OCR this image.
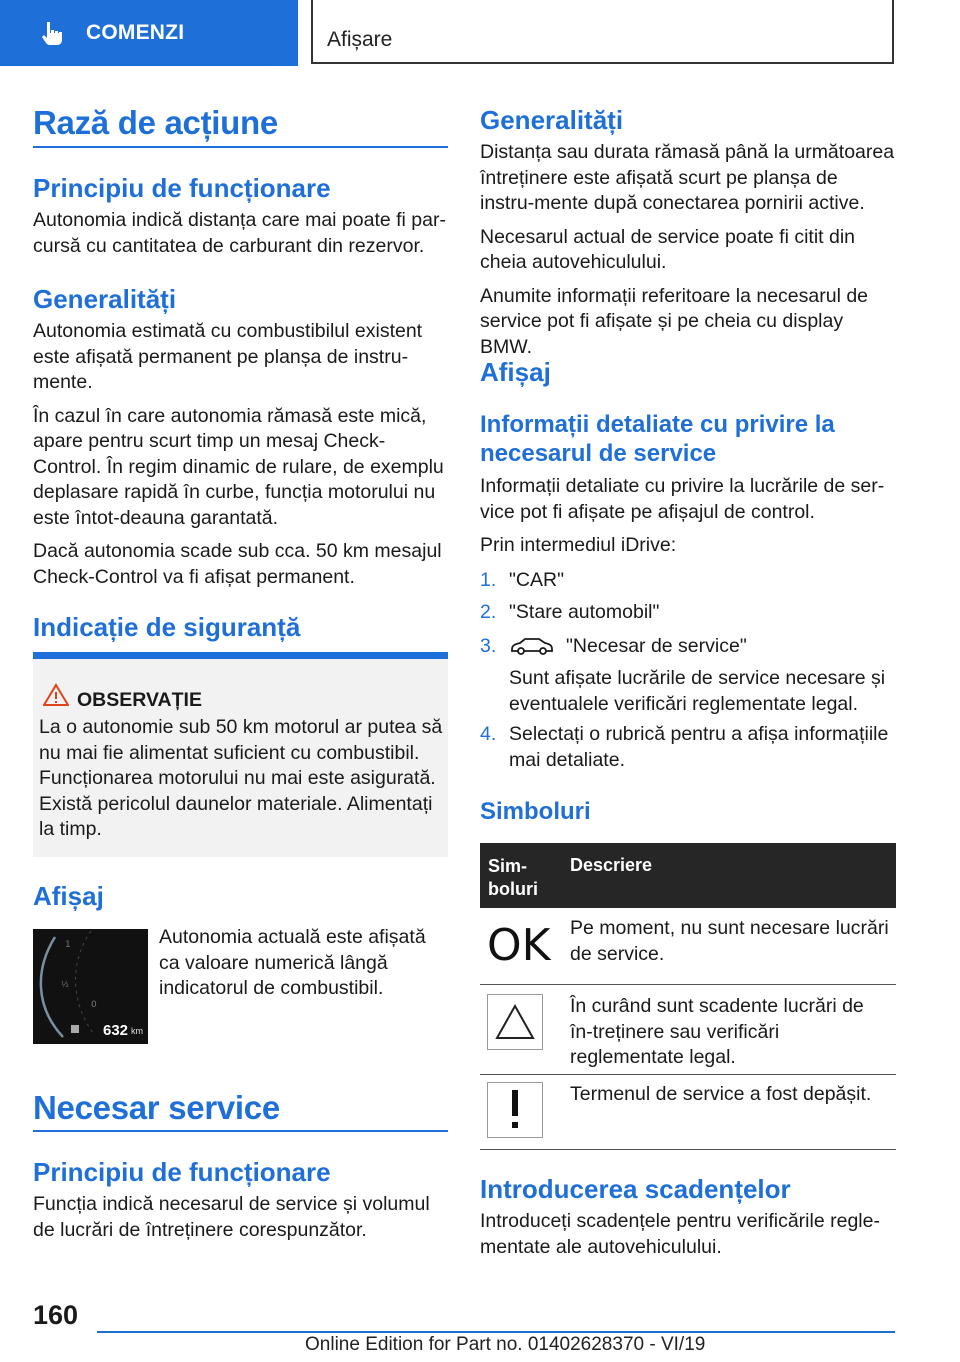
COMENZI	Afișare
Rază de acțiune
Principiu de funcționare

Autonomia indică distanța care mai poate fi par-cursă cu cantitatea de carburant din rezervor.

Generalități

Autonomia estimată cu combustibilul existent este afișată permanent pe planșa de instru-mente.

În cazul în care autonomia rămasă este mică, apare pentru scurt timp un mesaj Check-Control. În regim dinamic de rulare, de exemplu deplasare rapidă în curbe, funcția motorului nu este întot-deauna garantată.

Dacă autonomia scade sub cca. 50 km mesajul Check-Control va fi afișat permanent.

Indicație de siguranță
OBSERVAȚIE
La o autonomie sub 50 km motorul ar putea să nu mai fie alimentat suficient cu combustibil. Funcționarea motorului nu mai este asigurată. Există pericolul daunelor materiale. Alimentați la timp.
Afișaj
1
½
0
632 km

Autonomia actuală este afișată ca valoare numerică lângă indicatorul de combustibil.

Necesar service
Principiu de funcționare

Funcția indică necesarul de service și volumul de lucrări de întreținere corespunzător.

Generalități

Distanța sau durata rămasă până la următoarea întreținere este afișată scurt pe planșa de instru-mente după conectarea pornirii active.

Necesarul actual de service poate fi citit din cheia autovehiculului.

Anumite informații referitoare la necesarul de service pot fi afișate și pe cheia cu display BMW.

Afișaj
Informații detaliate cu privire la necesarul de service

Informații detaliate cu privire la lucrările de ser-vice pot fi afișate pe afișajul de control.

Prin intermediul iDrive:

1. "CAR"
2. "Stare automobil"
3.	"Necesar de service"
Sunt afișate lucrările de service necesare și eventualele verificări reglementate legal.
4. Selectați o rubrică pentru a afișa informațiile mai detaliate.
Simboluri
Sim-boluri
Descriere
OK Pe moment, nu sunt necesare lucrări de service.
În curând sunt scadente lucrări de în-treținere sau verificări reglementate legal.
Termenul de service a fost depășit.
Introducerea scadențelor

Introduceți scadențele pentru verificările regle-mentate ale autovehiculului.

160
Online Edition for Part no. 01402628370 - VI/19
